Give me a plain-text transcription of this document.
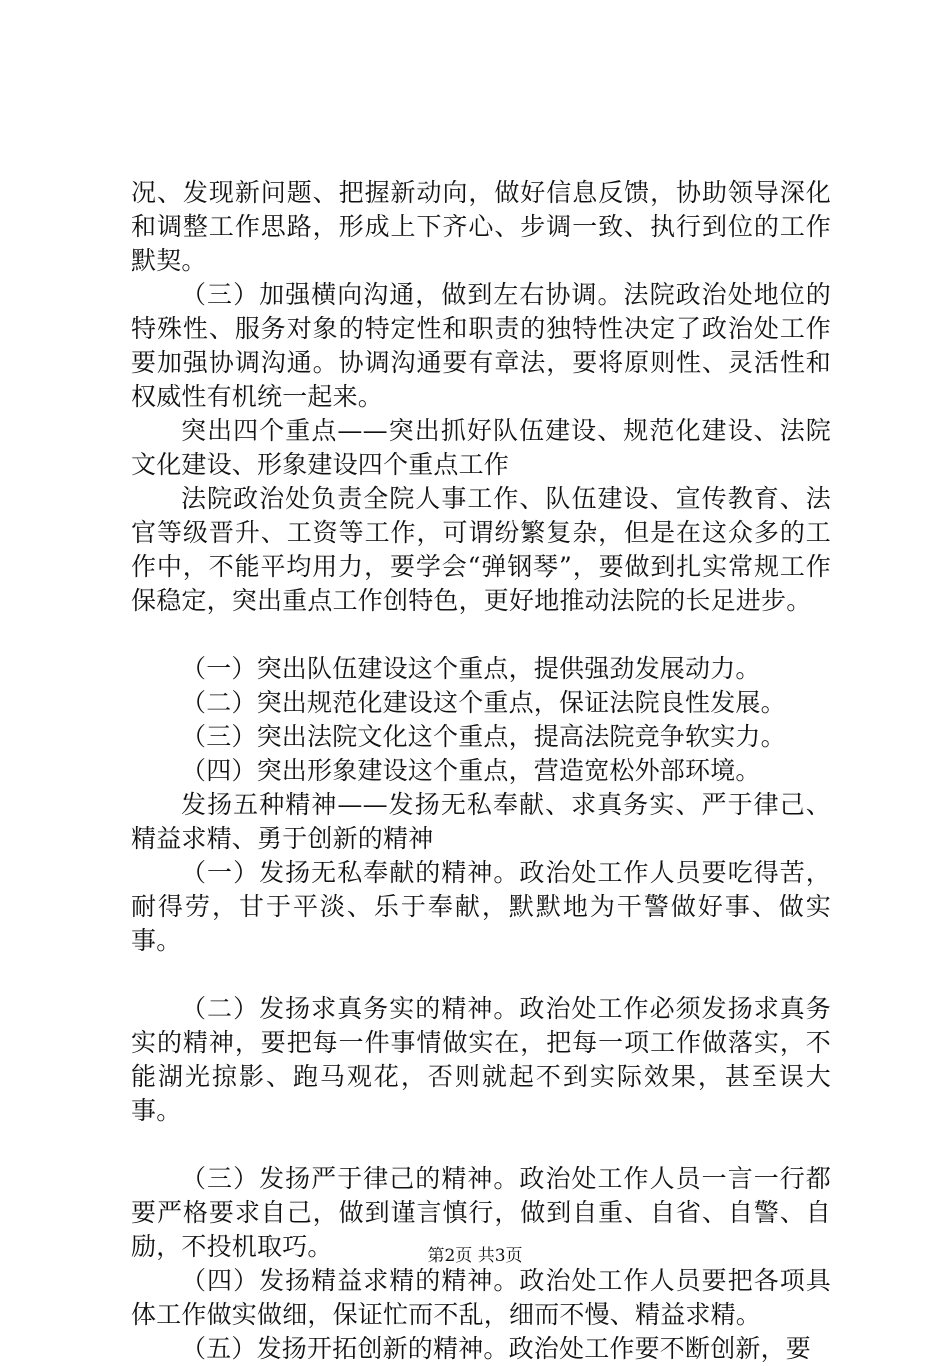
况、发现新问题、把握新动向，做好信息反馈，协助领导深化和调整工作思路，形成上下齐心、步调一致、执行到位的工作默契。

（三）加强横向沟通，做到左右协调。法院政治处地位的特殊性、服务对象的特定性和职责的独特性决定了政治处工作要加强协调沟通。协调沟通要有章法，要将原则性、灵活性和权威性有机统一起来。

突出四个重点——突出抓好队伍建设、规范化建设、法院文化建设、形象建设四个重点工作

法院政治处负责全院人事工作、队伍建设、宣传教育、法官等级晋升、工资等工作，可谓纷繁复杂，但是在这众多的工作中，不能平均用力，要学会“弹钢琴”，要做到扎实常规工作保稳定，突出重点工作创特色，更好地推动法院的长足进步。

（一）突出队伍建设这个重点，提供强劲发展动力。

（二）突出规范化建设这个重点，保证法院良性发展。

（三）突出法院文化这个重点，提高法院竞争软实力。

（四）突出形象建设这个重点，营造宽松外部环境。

发扬五种精神——发扬无私奉献、求真务实、严于律己、精益求精、勇于创新的精神

（一）发扬无私奉献的精神。政治处工作人员要吃得苦，耐得劳，甘于平淡、乐于奉献，默默地为干警做好事、做实事。

（二）发扬求真务实的精神。政治处工作必须发扬求真务实的精神，要把每一件事情做实在，把每一项工作做落实，不能湖光掠影、跑马观花，否则就起不到实际效果，甚至误大事。

（三）发扬严于律己的精神。政治处工作人员一言一行都要严格要求自己，做到谨言慎行，做到自重、自省、自警、自励，不投机取巧。

（四）发扬精益求精的精神。政治处工作人员要把各项具体工作做实做细，保证忙而不乱，细而不慢、精益求精。

（五）发扬开拓创新的精神。政治处工作要不断创新，要

第2页 共3页
